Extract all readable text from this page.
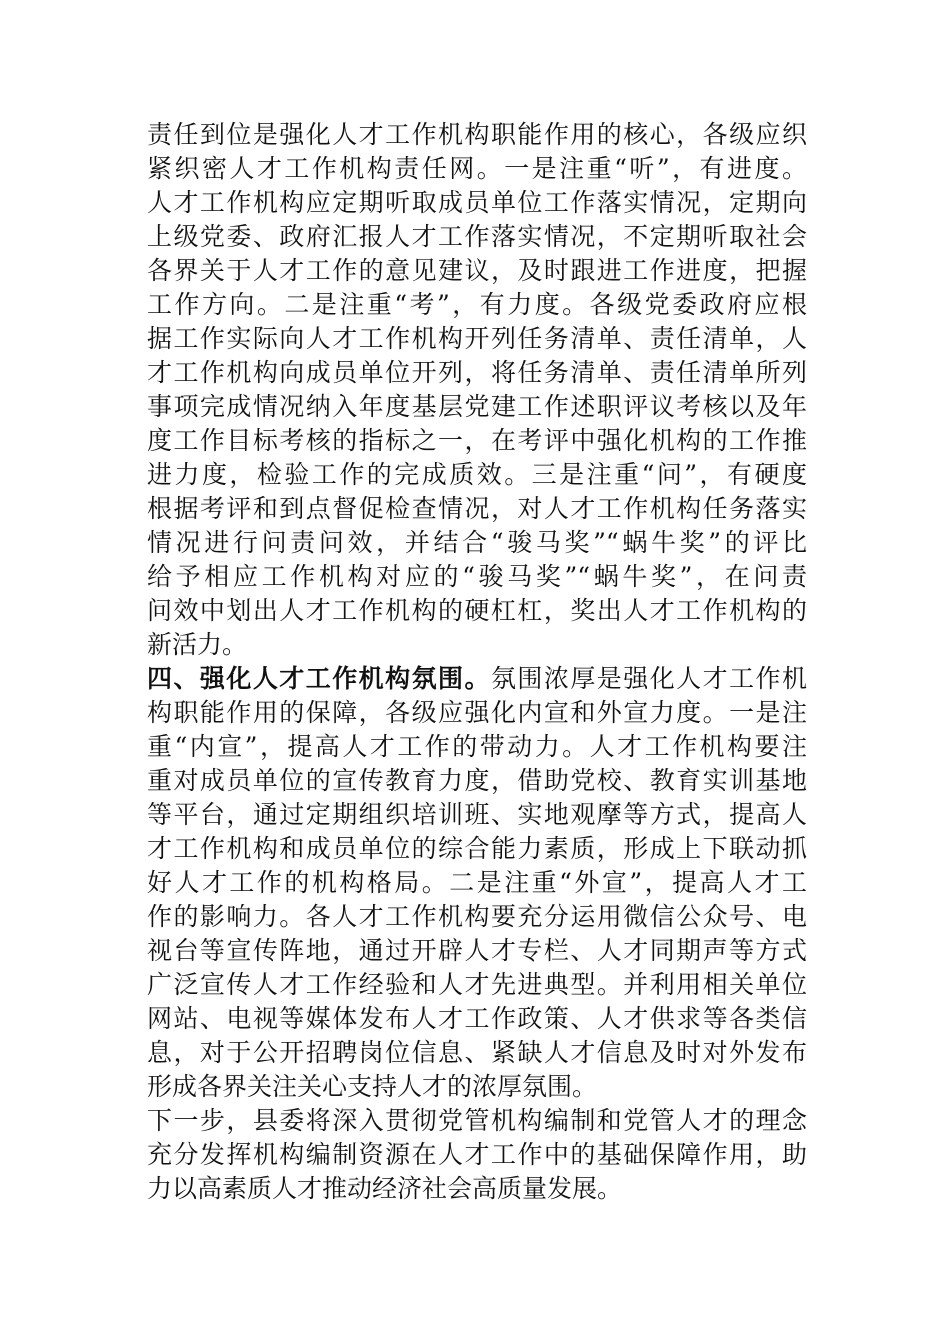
责任到位是强化人才工作机构职能作用的核心，各级应织
紧织密人才工作机构责任网。一是注重“听”，有进度。
人才工作机构应定期听取成员单位工作落实情况，定期向
上级党委、政府汇报人才工作落实情况，不定期听取社会
各界关于人才工作的意见建议，及时跟进工作进度，把握
工作方向。二是注重“考”，有力度。各级党委政府应根
据工作实际向人才工作机构开列任务清单、责任清单，人
才工作机构向成员单位开列，将任务清单、责任清单所列
事项完成情况纳入年度基层党建工作述职评议考核以及年
度工作目标考核的指标之一，在考评中强化机构的工作推
进力度，检验工作的完成质效。三是注重“问”，有硬度
根据考评和到点督促检查情况，对人才工作机构任务落实
情况进行问责问效，并结合“骏马奖”“蜗牛奖”的评比
给予相应工作机构对应的“骏马奖”“蜗牛奖”，在问责
问效中划出人才工作机构的硬杠杠，奖出人才工作机构的
新活力。
四、强化人才工作机构氛围。氛围浓厚是强化人才工作机
构职能作用的保障，各级应强化内宣和外宣力度。一是注
重“内宣”，提高人才工作的带动力。人才工作机构要注
重对成员单位的宣传教育力度，借助党校、教育实训基地
等平台，通过定期组织培训班、实地观摩等方式，提高人
才工作机构和成员单位的综合能力素质，形成上下联动抓
好人才工作的机构格局。二是注重“外宣”，提高人才工
作的影响力。各人才工作机构要充分运用微信公众号、电
视台等宣传阵地，通过开辟人才专栏、人才同期声等方式
广泛宣传人才工作经验和人才先进典型。并利用相关单位
网站、电视等媒体发布人才工作政策、人才供求等各类信
息，对于公开招聘岗位信息、紧缺人才信息及时对外发布
形成各界关注关心支持人才的浓厚氛围。
下一步，县委将深入贯彻党管机构编制和党管人才的理念
充分发挥机构编制资源在人才工作中的基础保障作用，助
力以高素质人才推动经济社会高质量发展。
